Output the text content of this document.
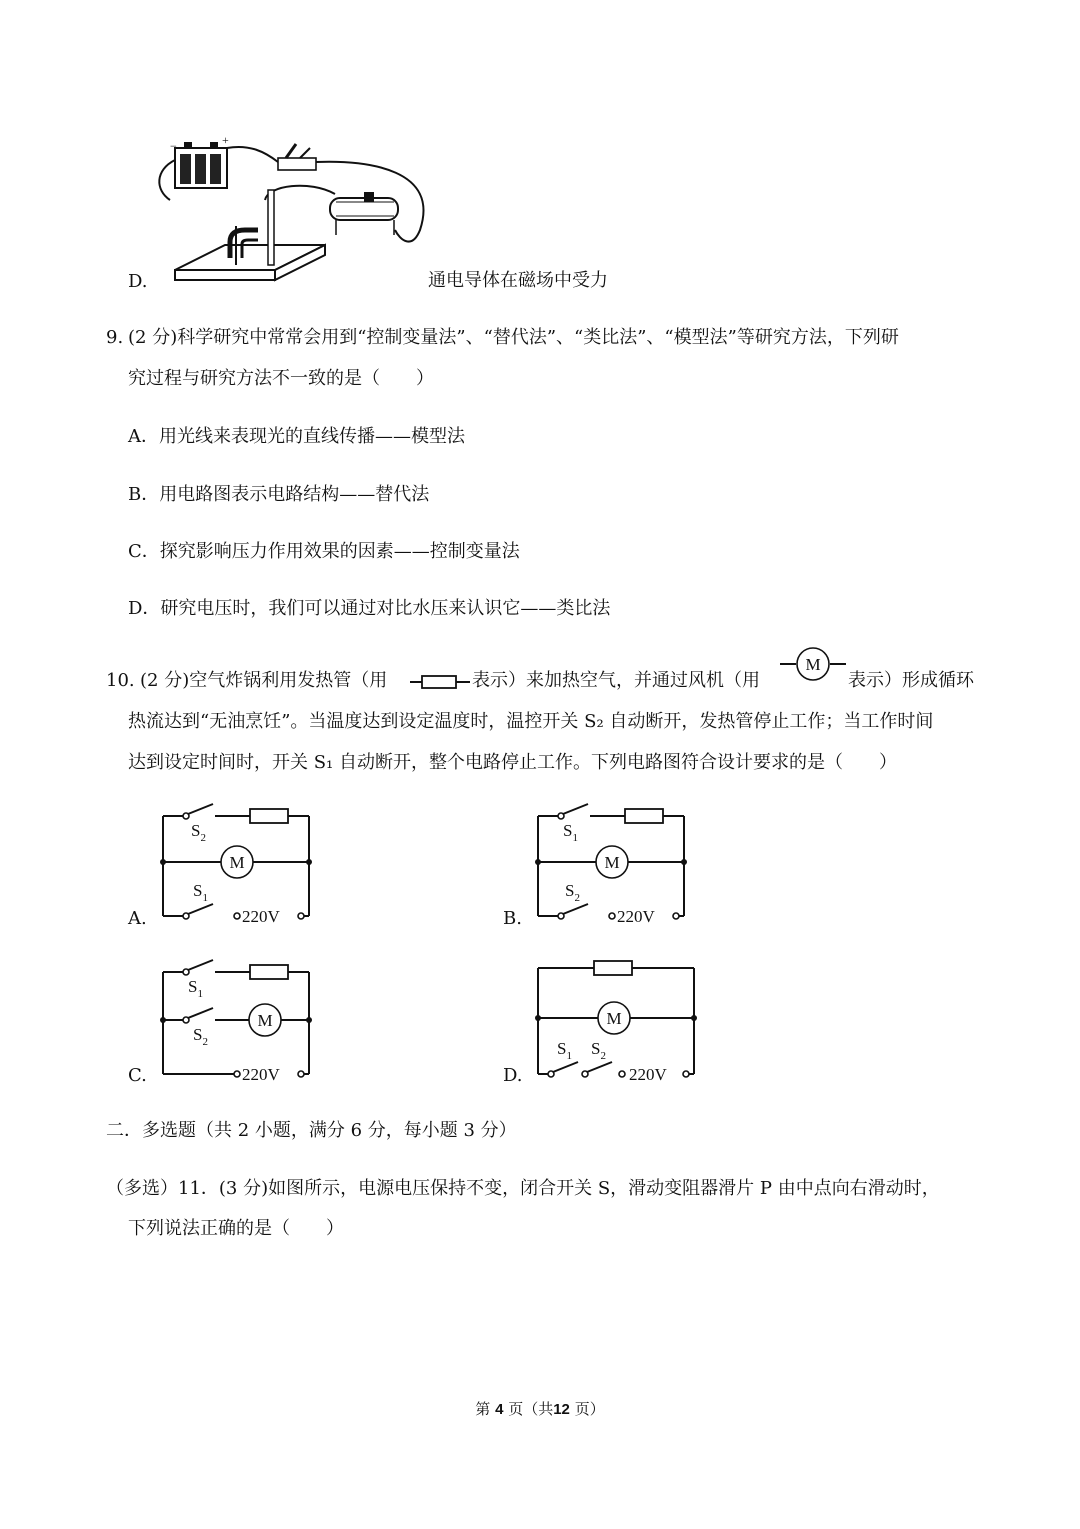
−	+
D.	通电导体在磁场中受力
9. (2 分)科学研究中常常会用到“控制变量法”、“替代法”、“类比法”、“模型法”等研究方法，下列研
究过程与研究方法不一致的是（　　）
A．用光线来表现光的直线传播——模型法
B．用电路图表示电路结构——替代法
C．探究影响压力作用效果的因素——控制变量法
D．研究电压时，我们可以通过对比水压来认识它——类比法
10. (2 分)空气炸锅利用发热管（用	表示）来加热空气，并通过风机（用
M
表示）形成循环
热流达到“无油烹饪”。当温度达到设定温度时，温控开关 S₂ 自动断开，发热管停止工作；当工作时间
达到设定时间时，开关 S₁ 自动断开，整个电路停止工作。下列电路图符合设计要求的是（　　）
A.
M
$S_2$
$S_1$
220V	B.
M
$S_1$
$S_2$
220V
C.
M
$S_1$
$S_2$
220V	D.
M
$S_1$ $S_2$
220V
二．多选题（共 2 小题，满分 6 分，每小题 3 分）
（多选）11．(3 分)如图所示，电源电压保持不变，闭合开关 S，滑动变阻器滑片 P 由中点向右滑动时，
下列说法正确的是（　　）
第 4 页（共12 页）
